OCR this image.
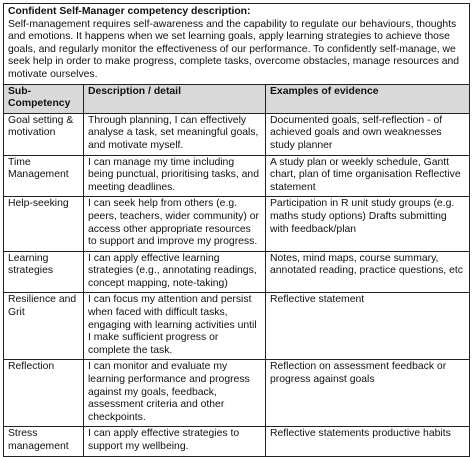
Confident Self-Manager competency description:
Self-management requires self-awareness and the capability to regulate our behaviours, thoughts and emotions. It happens when we set learning goals, apply learning strategies to achieve those goals, and regularly monitor the effectiveness of our performance. To confidently self-manage, we seek help in order to make progress, complete tasks, overcome obstacles, manage resources and motivate ourselves.		

Sub-Competency	Description / detail	Examples of evidence
Goal setting & motivation	Through planning, I can effectively analyse a task, set meaningful goals, and motivate myself.	Documented goals, self-reflection - of achieved goals and own weaknesses study planner
Time Management	I can manage my time including being punctual, prioritising tasks, and meeting deadlines.	A study plan or weekly schedule, Gantt chart, plan of time organisation Reflective statement
Help-seeking	I can seek help from others (e.g. peers, teachers, wider community) or access other appropriate resources to support and improve my progress.	Participation in R unit study groups (e.g. maths study options) Drafts submitting with feedback/plan
Learning strategies	I can apply effective learning strategies (e.g., annotating readings, concept mapping, note-taking)	Notes, mind maps, course summary, annotated reading, practice questions, etc
Resilience and Grit	I can focus my attention and persist when faced with difficult tasks, engaging with learning activities until I make sufficient progress or complete the task.	Reflective statement
Reflection	I can monitor and evaluate my learning performance and progress against my goals, feedback, assessment criteria and other checkpoints.	Reflection on assessment feedback or progress against goals
Stress management	I can apply effective strategies to support my wellbeing.	Reflective statements productive habits
